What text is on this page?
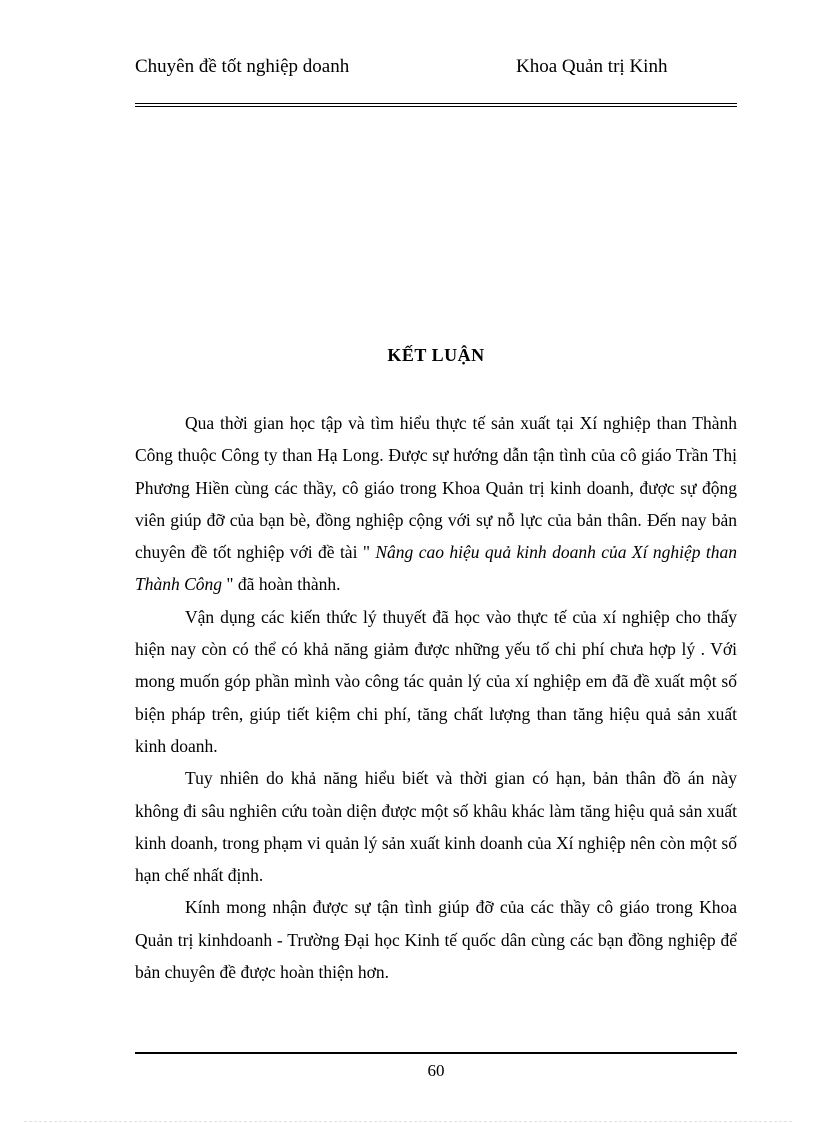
Chuyên đề tốt nghiệp doanh	Khoa Quản trị Kinh
KẾT LUẬN

Qua thời gian học tập và tìm hiểu thực tế sản xuất tại Xí nghiệp than Thành Công thuộc Công ty than Hạ Long. Được sự hướng dẫn tận tình của cô giáo Trần Thị Phương Hiền cùng các thầy, cô giáo trong Khoa Quản trị kinh doanh, được sự động viên giúp đỡ của bạn bè, đồng nghiệp cộng với sự nỗ lực của bản thân. Đến nay bản chuyên đề tốt nghiệp với đề tài " Nâng cao hiệu quả kinh doanh của Xí nghiệp than Thành Công " đã hoàn thành.

Vận dụng các kiến thức lý thuyết đã học vào thực tế của xí nghiệp cho thấy hiện nay còn có thể có khả năng giảm được những yếu tố chi phí chưa hợp lý . Với mong muốn góp phần mình vào công tác quản lý của xí nghiệp em đã đề xuất một số biện pháp trên, giúp tiết kiệm chi phí, tăng chất lượng than tăng hiệu quả sản xuất kinh doanh.

Tuy nhiên do khả năng hiểu biết và thời gian có hạn, bản thân đồ án này không đi sâu nghiên cứu toàn diện được một số khâu khác làm tăng hiệu quả sản xuất kinh doanh, trong phạm vi quản lý sản xuất kinh doanh của Xí nghiệp nên còn một số hạn chế nhất định.

Kính mong nhận được sự tận tình giúp đỡ của các thầy cô giáo trong Khoa Quản trị kinhdoanh - Trường Đại học Kinh tế quốc dân cùng các bạn đồng nghiệp để bản chuyên đề được hoàn thiện hơn.

60
